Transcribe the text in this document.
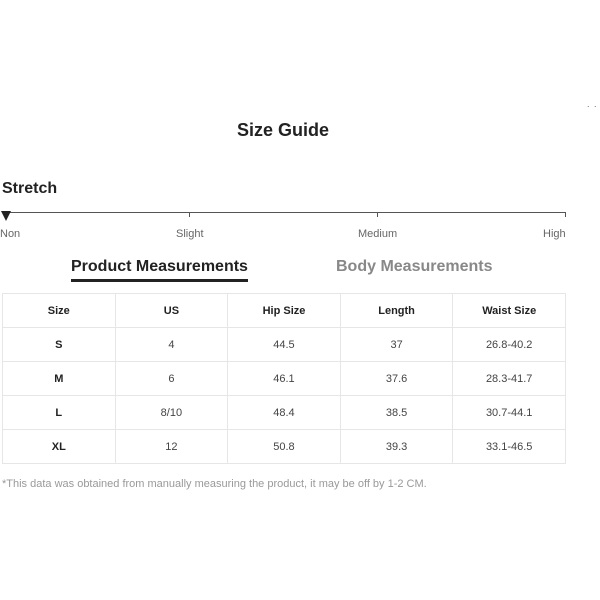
. .
Size Guide
Stretch
Non	Slight	Medium	High
Product Measurements	Body Measurements
Size	US	Hip Size	Length	Waist Size
S	4	44.5	37	26.8-40.2
M	6	46.1	37.6	28.3-41.7
L	8/10	48.4	38.5	30.7-44.1
XL	12	50.8	39.3	33.1-46.5
*This data was obtained from manually measuring the product, it may be off by 1-2 CM.
